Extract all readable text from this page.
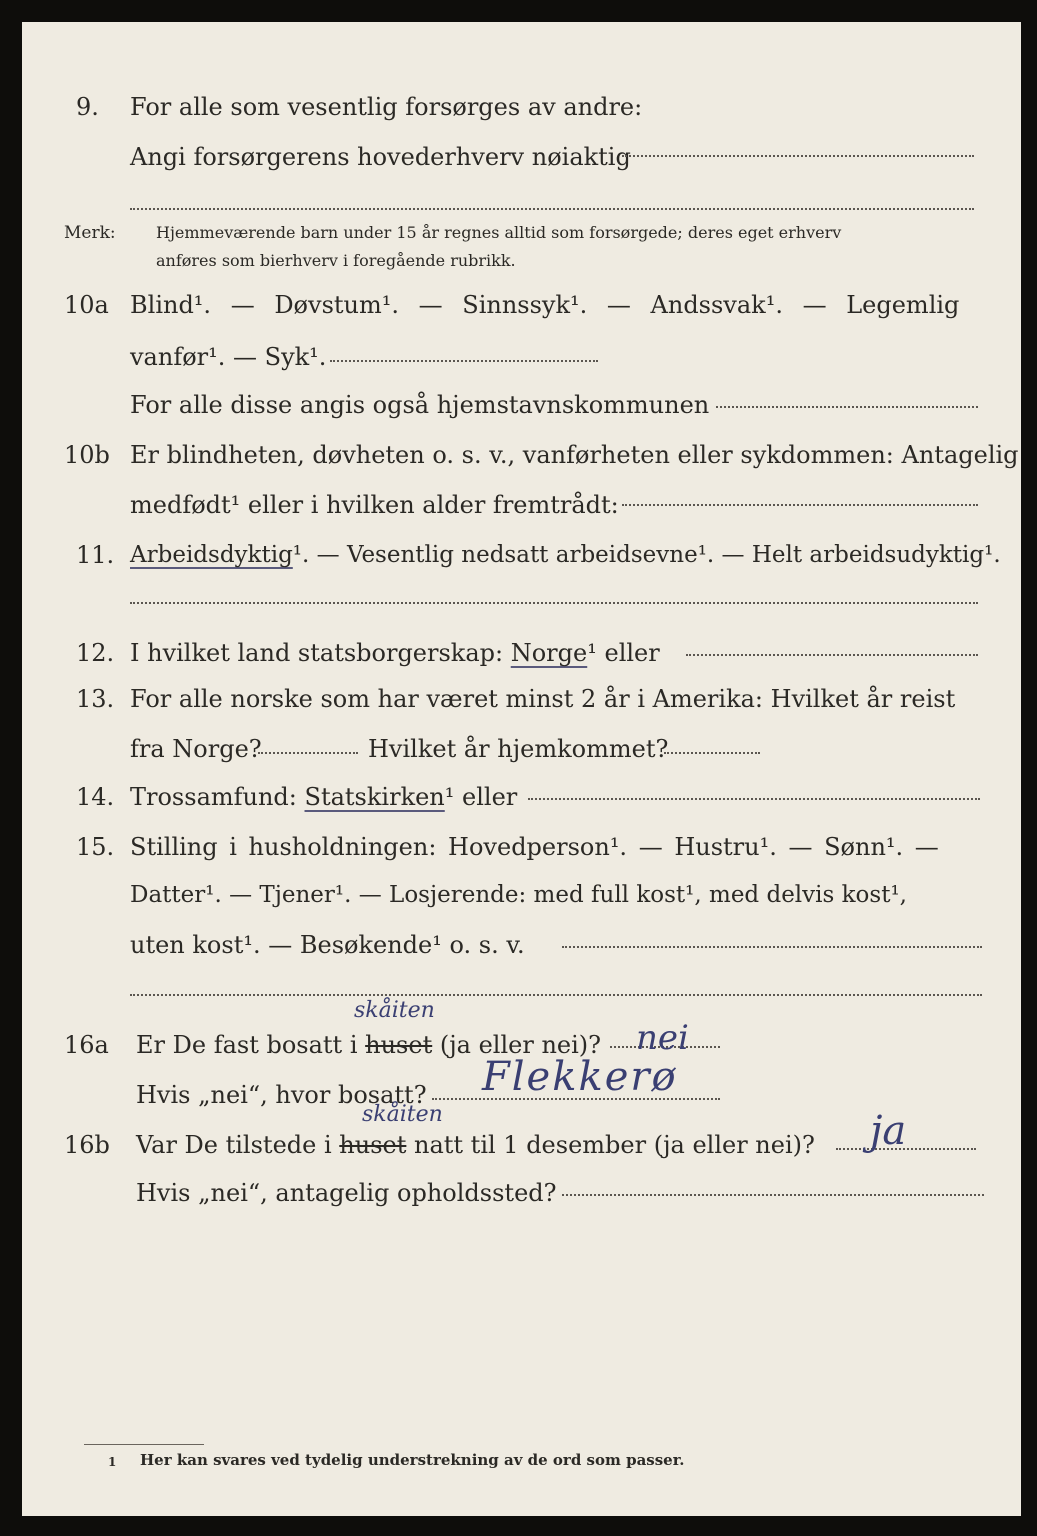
9. For alle som vesentlig forsørges av andre:
Angi forsørgerens hovederhverv nøiaktig
Merk:	Hjemmeværende barn under 15 år regnes alltid som forsørgede; deres eget erhverv
anføres som bierhverv i foregående rubrikk.
10a Blind¹. — Døvstum¹. — Sinnssyk¹. — Andssvak¹. — Legemlig
vanfør¹. — Syk¹.
For alle disse angis også hjemstavnskommunen
10b Er blindheten, døvheten o. s. v., vanførheten eller sykdommen: Antagelig
medfødt¹ eller i hvilken alder fremtrådt:
11. Arbeidsdyktig¹. — Vesentlig nedsatt arbeidsevne¹. — Helt arbeidsudyktig¹.
12. I hvilket land statsborgerskap: Norge¹ eller
13. For alle norske som har været minst 2 år i Amerika: Hvilket år reist
fra Norge?	Hvilket år hjemkommet?
14. Trossamfund: Statskirken¹ eller
15. Stilling i husholdningen: Hovedperson¹. — Hustru¹. — Sønn¹. —
Datter¹. — Tjener¹. — Losjerende: med full kost¹, med delvis kost¹,
uten kost¹. — Besøkende¹ o. s. v.
skåiten
16a Er De fast bosatt i huset (ja eller nei)? nei
Hvis „nei“, hvor bosatt? Flekkerø
skåiten
16b Var De tilstede i huset natt til 1 desember (ja eller nei)? ja
Hvis „nei“, antagelig opholdssted?
1 Her kan svares ved tydelig understrekning av de ord som passer.
